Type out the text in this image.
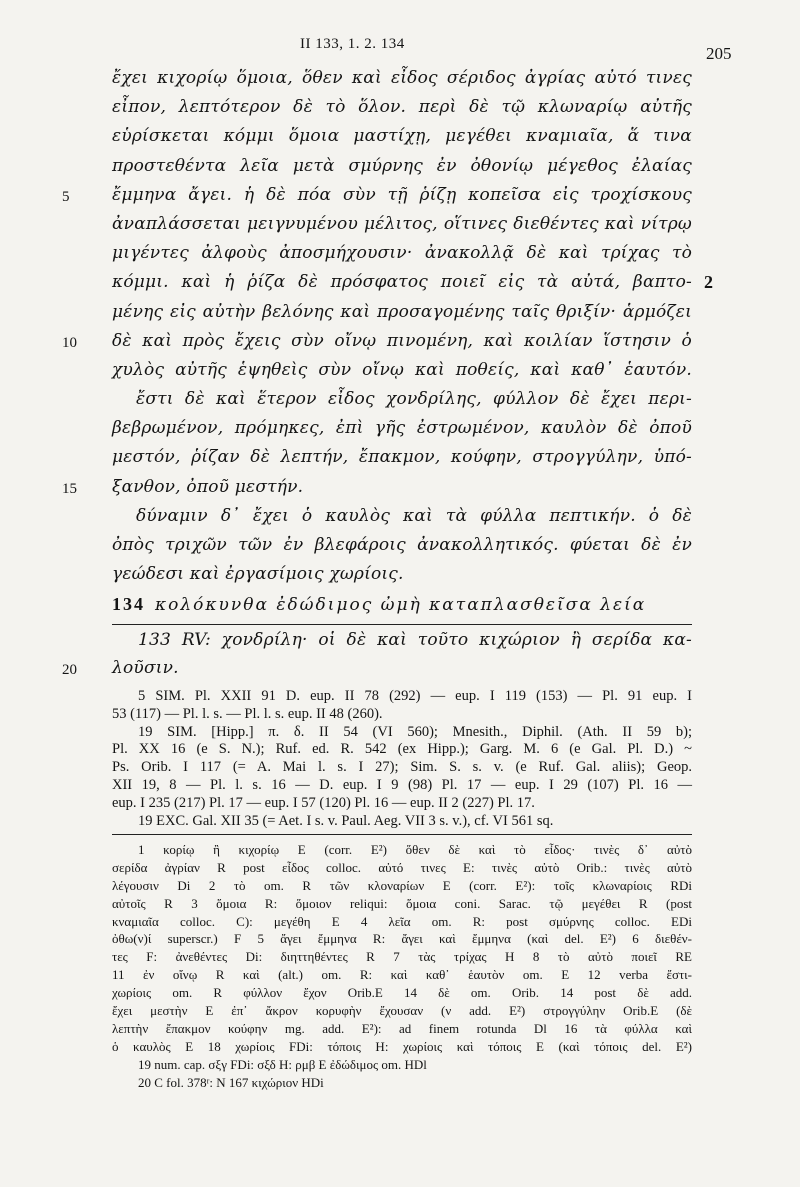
II 133, 1. 2. 134	205
ἔχει κιχορίῳ ὅμοια, ὅθεν καὶ εἶδος σέριδος ἀγρίας αὐτό τινες
εἶπον, λεπτότερον δὲ τὸ ὅλον. περὶ δὲ τῷ κλωναρίῳ αὐτῆς
εὑρίσκεται κόμμι ὅμοια μαστίχῃ, μεγέθει κναμιαῖα, ἅ τινα
προστεθέντα λεῖα μετὰ σμύρνης ἐν ὀθονίῳ μέγεθος ἐλαίας
5	ἔμμηνα ἄγει. ἡ δὲ πόα σὺν τῇ ῥίζῃ κοπεῖσα εἰς τροχίσκους
ἀναπλάσσεται μειγνυμένου μέλιτος, οἵτινες διεθέντες καὶ νίτρῳ
μιγέντες ἀλφοὺς ἀποσμήχουσιν· ἀνακολλᾷ δὲ καὶ τρίχας τὸ
κόμμι. καὶ ἡ ῥίζα δὲ πρόσφατος ποιεῖ εἰς τὰ αὐτά, βαπτο- 2
μένης εἰς αὐτὴν βελόνης καὶ προσαγομένης ταῖς θριξίν· ἁρμόζει
10 δὲ καὶ πρὸς ἔχεις σὺν οἴνῳ πινομένη, καὶ κοιλίαν ἵστησιν ὁ
χυλὸς αὐτῆς ἑψηθεὶς σὺν οἴνῳ καὶ ποθείς, καὶ καθ᾽ ἑαυτόν.
ἔστι δὲ καὶ ἕτερον εἶδος χονδρίλης, φύλλον δὲ ἔχει περι-
βεβρωμένον, πρόμηκες, ἐπὶ γῆς ἐστρωμένον, καυλὸν δὲ ὀποῦ
μεστόν, ῥίζαν δὲ λεπτήν, ἔπακμον, κούφην, στρογγύλην, ὑπό-
15 ξανθον, ὀποῦ μεστήν.
δύναμιν δ᾽ ἔχει ὁ καυλὸς καὶ τὰ φύλλα πεπτικήν. ὁ δὲ
ὀπὸς τριχῶν τῶν ἐν βλεφάροις ἀνακολλητικός. φύεται δὲ ἐν
γεώδεσι καὶ ἐργασίμοις χωρίοις.
134 κολόκυνθα ἐδώδιμος ὠμὴ καταπλασθεῖσα λεία
133 RV: χονδρίλη· οἱ δὲ καὶ τοῦτο κιχώριον ἢ σερίδα κα-
20 λοῦσιν.
5 SIM. Pl. XXII 91 D. eup. II 78 (292) — eup. I 119 (153) — Pl. 91 eup. I
53 (117) — Pl. l. s. — Pl. l. s. eup. II 48 (260).
19 SIM. [Hipp.] π. δ. II 54 (VI 560); Mnesith., Diphil. (Ath. II 59 b);
Pl. XX 16 (e S. N.); Ruf. ed. R. 542 (ex Hipp.); Garg. M. 6 (e Gal. Pl. D.) ~
Ps. Orib. I 117 (= A. Mai l. s. I 27); Sim. S. s. v. (e Ruf. Gal. aliis); Geop.
XII 19, 8 — Pl. l. s. 16 — D. eup. I 9 (98) Pl. 17 — eup. I 29 (107) Pl. 16 —
eup. I 235 (217) Pl. 17 — eup. I 57 (120) Pl. 16 — eup. II 2 (227) Pl. 17.
19 EXC. Gal. XII 35 (= Aet. I s. v. Paul. Aeg. VII 3 s. v.), cf. VI 561 sq.
1 κορίῳ ἢ κιχορίῳ E (corr. E²) ὅθεν δὲ καὶ τὸ εἶδος· τινὲς δ᾽ αὐτὸ
σερίδα ἀγρίαν R post εἶδος colloc. αὐτό τινες E: τινὲς αὐτὸ Orib.: τινὲς αὐτὸ
λέγουσιν Di 2 τὸ om. R τῶν κλοναρίων E (corr. E²): τοῖς κλωναρίοις RDi
αὐτοῖς R 3 ὅμοια R: ὅμοιον reliqui: ὅμοια coni. Sarac. τῷ μεγέθει R (post
κναμιαῖα colloc. C): μεγέθη E 4 λεῖα om. R: post σμύρνης colloc. EDi
ὀθω(ν)ί superscr.) F 5 ἄγει ἔμμηνα R: ἄγει καὶ ἔμμηνα (καὶ del. E²) 6 διεθέν-
τες F: ἀνεθέντες Di: διηττηθέντες R 7 τὰς τρίχας H 8 τὸ αὐτὸ ποιεῖ RE
11 ἐν οἴνῳ R καὶ (alt.) om. R: καὶ καθ᾽ ἑαυτὸν om. E 12 verba ἔστι-
χωρίοις om. R φύλλον ἔχον Orib.E 14 δὲ om. Orib. 14 post δὲ add.
ἔχει μεστὴν E ἐπ᾽ ἄκρον κορυφὴν ἔχουσαν (ν add. E²) στρογγύλην Orib.E (δὲ
λεπτὴν ἔπακμον κούφην mg. add. E²): ad finem rotunda Dl 16 τὰ φύλλα καὶ
ὁ καυλὸς E 18 χωρίοις FDi: τόποις H: χωρίοις καὶ τόποις E (καὶ τόποις del. E²)
19 num. cap. σξγ FDi: σξδ H: ρμβ E ἐδώδιμος om. HDl
20 C fol. 378ʳ: N 167 κιχώριον HDi
